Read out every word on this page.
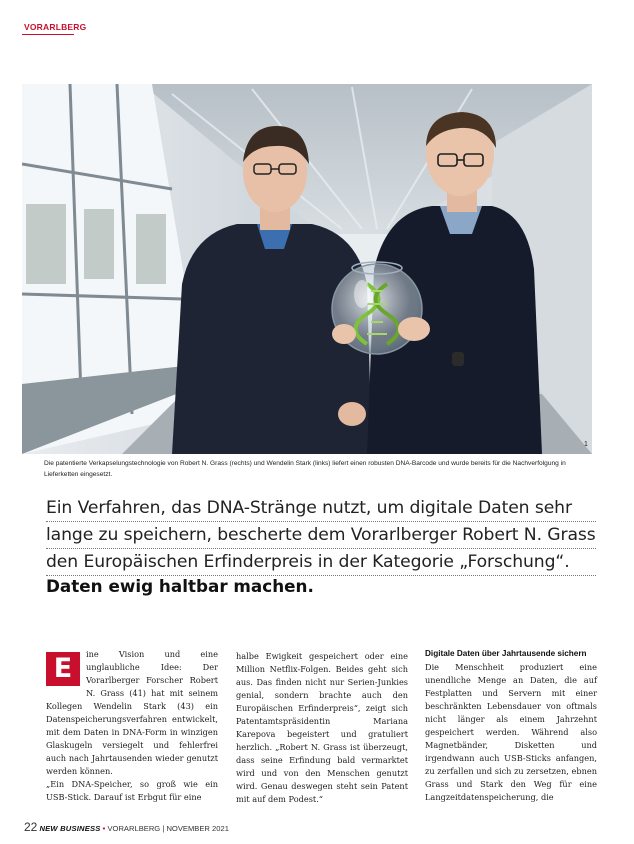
VORARLBERG
1
Die patentierte Verkapselungstechnologie von Robert N. Grass (rechts) und Wendelin Stark (links) liefert einen robusten DNA-Barcode und wurde bereits für die Nachverfolgung in Lieferketten eingesetzt.
Ein Verfahren, das DNA-Stränge nutzt, um digitale Daten sehr
lange zu speichern, bescherte dem Vorarlberger Robert N. Grass
den Europäischen Erfinderpreis in der Kategorie „Forschung“.
Daten ewig haltbar machen.
E	ine Vision und eine unglaubliche Idee: Der Vorarlberger Forscher Robert N. Grass (41) hat mit seinem Kollegen Wendelin Stark (43) ein Datenspeicherungsverfahren entwickelt, mit dem Daten in DNA-Form in winzigen Glaskugeln versiegelt und fehlerfrei auch nach Jahrtausenden wieder genutzt werden können.

„Ein DNA-Speicher, so groß wie ein USB-Stick. Darauf ist Erbgut für eine

halbe Ewigkeit gespeichert oder eine Million Netflix-Folgen. Beides geht sich aus. Das finden nicht nur Serien-Junkies genial, sondern brachte auch den Europäischen Erfinderpreis“, zeigt sich Patentamtspräsidentin Mariana Karepova begeistert und gratuliert herzlich. „Robert N. Grass ist überzeugt, dass seine Erfindung bald vermarktet wird und von den Menschen genutzt wird. Genau deswegen steht sein Patent mit auf dem Podest.“

Digitale Daten über Jahrtausende sichern

Die Menschheit produziert eine unendliche Menge an Daten, die auf Festplatten und Servern mit einer beschränkten Lebensdauer von oftmals nicht länger als einem Jahrzehnt gespeichert werden. Während also Magnetbänder, Disketten und irgendwann auch USB-Sticks anfangen, zu zerfallen und sich zu zersetzen, ebnen Grass und Stark den Weg für eine Langzeitdatenspeicherung, die

22 NEW BUSINESS • VORARLBERG | NOVEMBER 2021
